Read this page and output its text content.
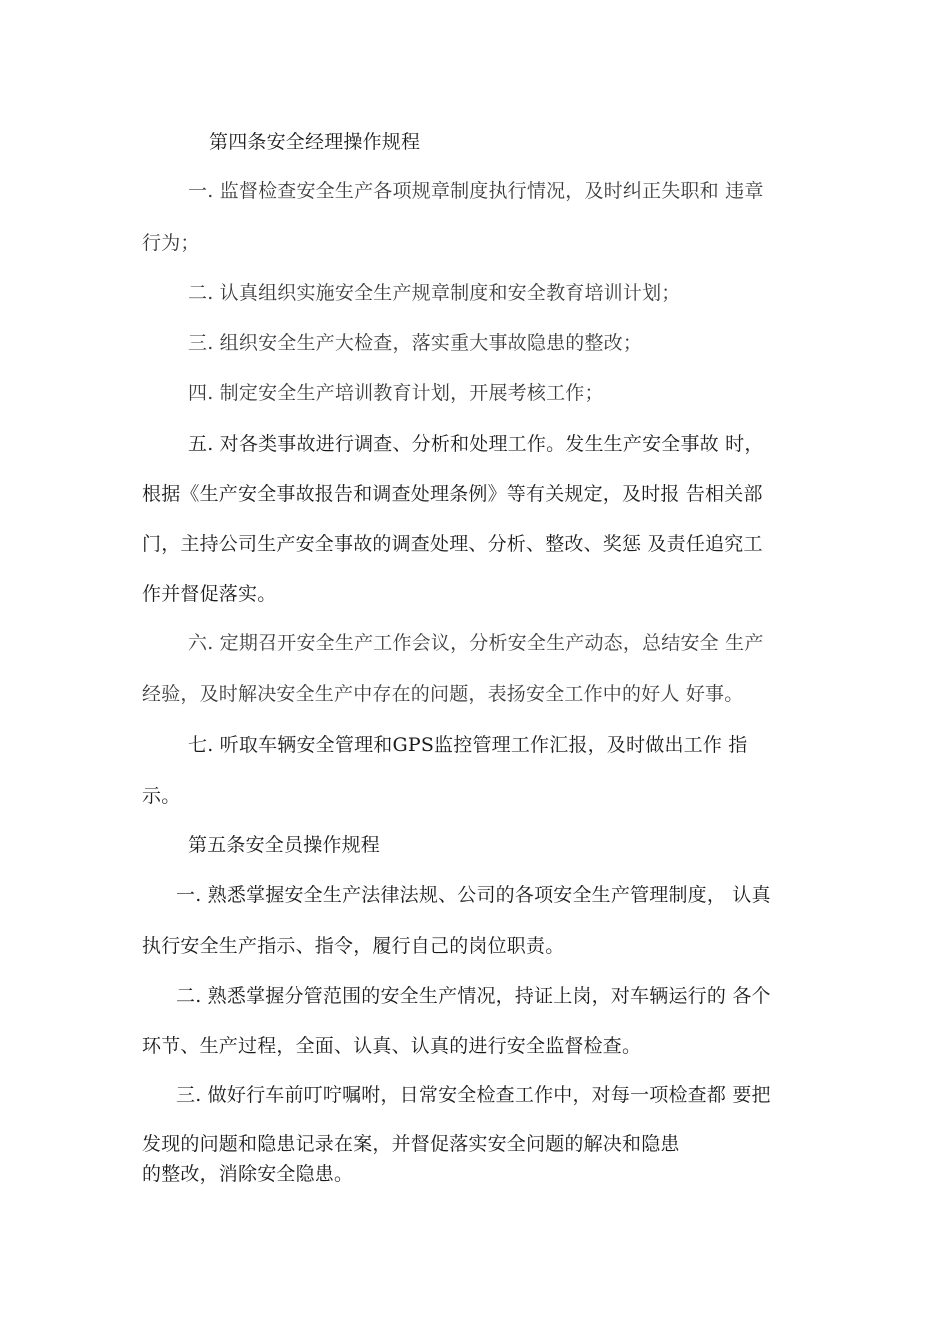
第四条安全经理操作规程
一. 监督检查安全生产各项规章制度执行情况，及时纠正失职和 违章
行为；
二. 认真组织实施安全生产规章制度和安全教育培训计划；
三. 组织安全生产大检查，落实重大事故隐患的整改；
四. 制定安全生产培训教育计划，开展考核工作；
五. 对各类事故进行调查、分析和处理工作。发生生产安全事故 时，
根据《生产安全事故报告和调查处理条例》等有关规定，及时报 告相关部
门，主持公司生产安全事故的调查处理、分析、整改、奖惩 及责任追究工
作并督促落实。
六. 定期召开安全生产工作会议，分析安全生产动态，总结安全 生产
经验，及时解决安全生产中存在的问题，表扬安全工作中的好人 好事。
七. 听取车辆安全管理和GPS监控管理工作汇报，及时做出工作 指
示。
第五条安全员操作规程
一. 熟悉掌握安全生产法律法规、公司的各项安全生产管理制度， 认真
执行安全生产指示、指令，履行自己的岗位职责。
二. 熟悉掌握分管范围的安全生产情况，持证上岗，对车辆运行的 各个
环节、生产过程，全面、认真、认真的进行安全监督检查。
三. 做好行车前叮咛嘱咐，日常安全检查工作中，对每一项检查都 要把
发现的问题和隐患记录在案，并督促落实安全问题的解决和隐患
的整改，消除安全隐患。
